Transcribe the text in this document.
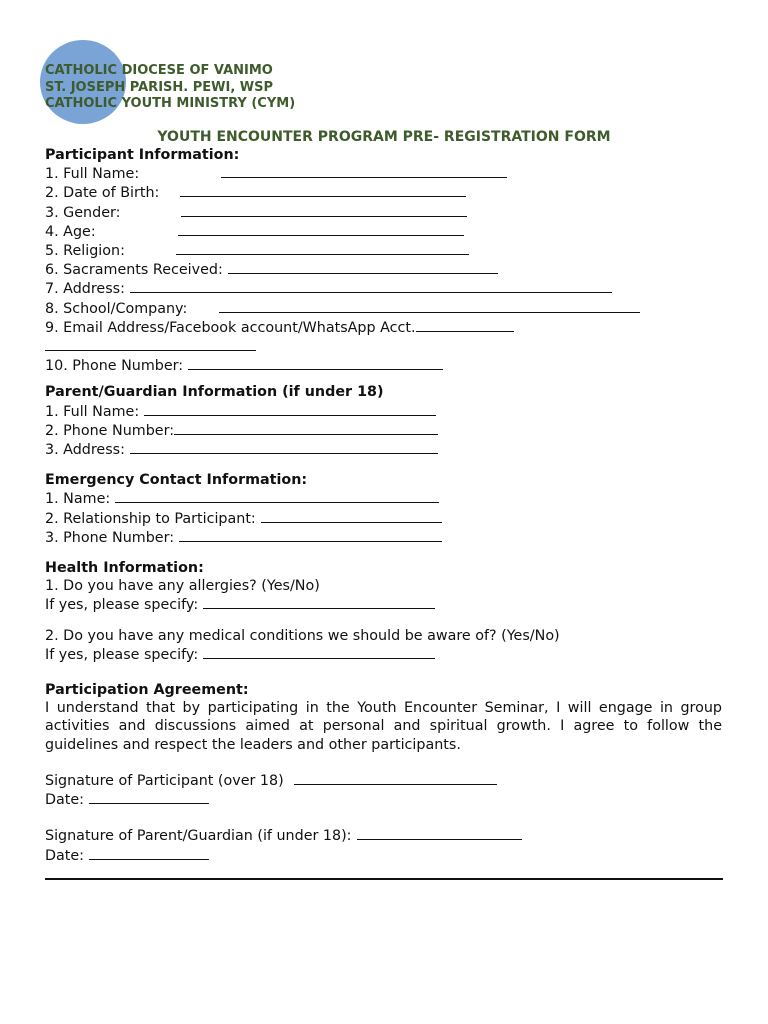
CATHOLIC DIOCESE OF VANIMO
ST. JOSEPH PARISH. PEWI, WSP
CATHOLIC YOUTH MINISTRY (CYM)
YOUTH ENCOUNTER PROGRAM PRE- REGISTRATION FORM
Participant Information:
1. Full Name:
2. Date of Birth:
3. Gender:
4. Age:
5. Religion:
6. Sacraments Received:
7. Address:
8. School/Company:
9. Email Address/Facebook account/WhatsApp Acct.
10. Phone Number:
Parent/Guardian Information (if under 18)
1. Full Name:
2. Phone Number:
3. Address:
Emergency Contact Information:
1. Name:
2. Relationship to Participant:
3. Phone Number:
Health Information:
1. Do you have any allergies? (Yes/No)
If yes, please specify:
2. Do you have any medical conditions we should be aware of? (Yes/No)
If yes, please specify:
Participation Agreement:
I understand that by participating in the Youth Encounter Seminar, I will engage in group activities and discussions aimed at personal and spiritual growth. I agree to follow the guidelines and respect the leaders and other participants.
Signature of Participant (over 18)
Date:
Signature of Parent/Guardian (if under 18):
Date:
